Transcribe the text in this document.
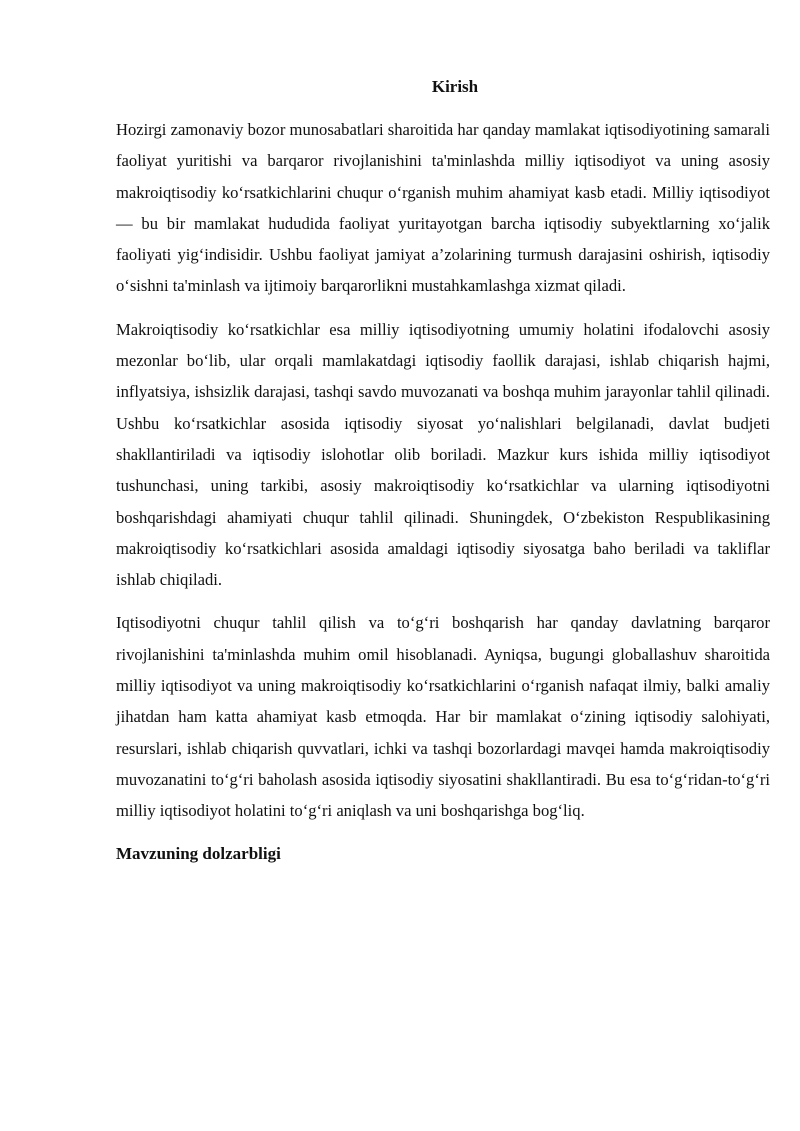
Kirish

Hozirgi zamonaviy bozor munosabatlari sharoitida har qanday mamlakat iqtisodiyotining samarali faoliyat yuritishi va barqaror rivojlanishini ta'minlashda milliy iqtisodiyot va uning asosiy makroiqtisodiy ko‘rsatkichlarini chuqur o‘rganish muhim ahamiyat kasb etadi. Milliy iqtisodiyot — bu bir mamlakat hududida faoliyat yuritayotgan barcha iqtisodiy subyektlarning xo‘jalik faoliyati yig‘indisidir. Ushbu faoliyat jamiyat a’zolarining turmush darajasini oshirish, iqtisodiy o‘sishni ta'minlash va ijtimoiy barqarorlikni mustahkamlashga xizmat qiladi.

Makroiqtisodiy ko‘rsatkichlar esa milliy iqtisodiyotning umumiy holatini ifodalovchi asosiy mezonlar bo‘lib, ular orqali mamlakatdagi iqtisodiy faollik darajasi, ishlab chiqarish hajmi, inflyatsiya, ishsizlik darajasi, tashqi savdo muvozanati va boshqa muhim jarayonlar tahlil qilinadi. Ushbu ko‘rsatkichlar asosida iqtisodiy siyosat yo‘nalishlari belgilanadi, davlat budjeti shakllantiriladi va iqtisodiy islohotlar olib boriladi. Mazkur kurs ishida milliy iqtisodiyot tushunchasi, uning tarkibi, asosiy makroiqtisodiy ko‘rsatkichlar va ularning iqtisodiyotni boshqarishdagi ahamiyati chuqur tahlil qilinadi. Shuningdek, O‘zbekiston Respublikasining makroiqtisodiy ko‘rsatkichlari asosida amaldagi iqtisodiy siyosatga baho beriladi va takliflar ishlab chiqiladi.

Iqtisodiyotni chuqur tahlil qilish va to‘g‘ri boshqarish har qanday davlatning barqaror rivojlanishini ta'minlashda muhim omil hisoblanadi. Ayniqsa, bugungi globallashuv sharoitida milliy iqtisodiyot va uning makroiqtisodiy ko‘rsatkichlarini o‘rganish nafaqat ilmiy, balki amaliy jihatdan ham katta ahamiyat kasb etmoqda. Har bir mamlakat o‘zining iqtisodiy salohiyati, resurslari, ishlab chiqarish quvvatlari, ichki va tashqi bozorlardagi mavqei hamda makroiqtisodiy muvozanatini to‘g‘ri baholash asosida iqtisodiy siyosatini shakllantiradi. Bu esa to‘g‘ridan-to‘g‘ri milliy iqtisodiyot holatini to‘g‘ri aniqlash va uni boshqarishga bog‘liq.

Mavzuning dolzarbligi
